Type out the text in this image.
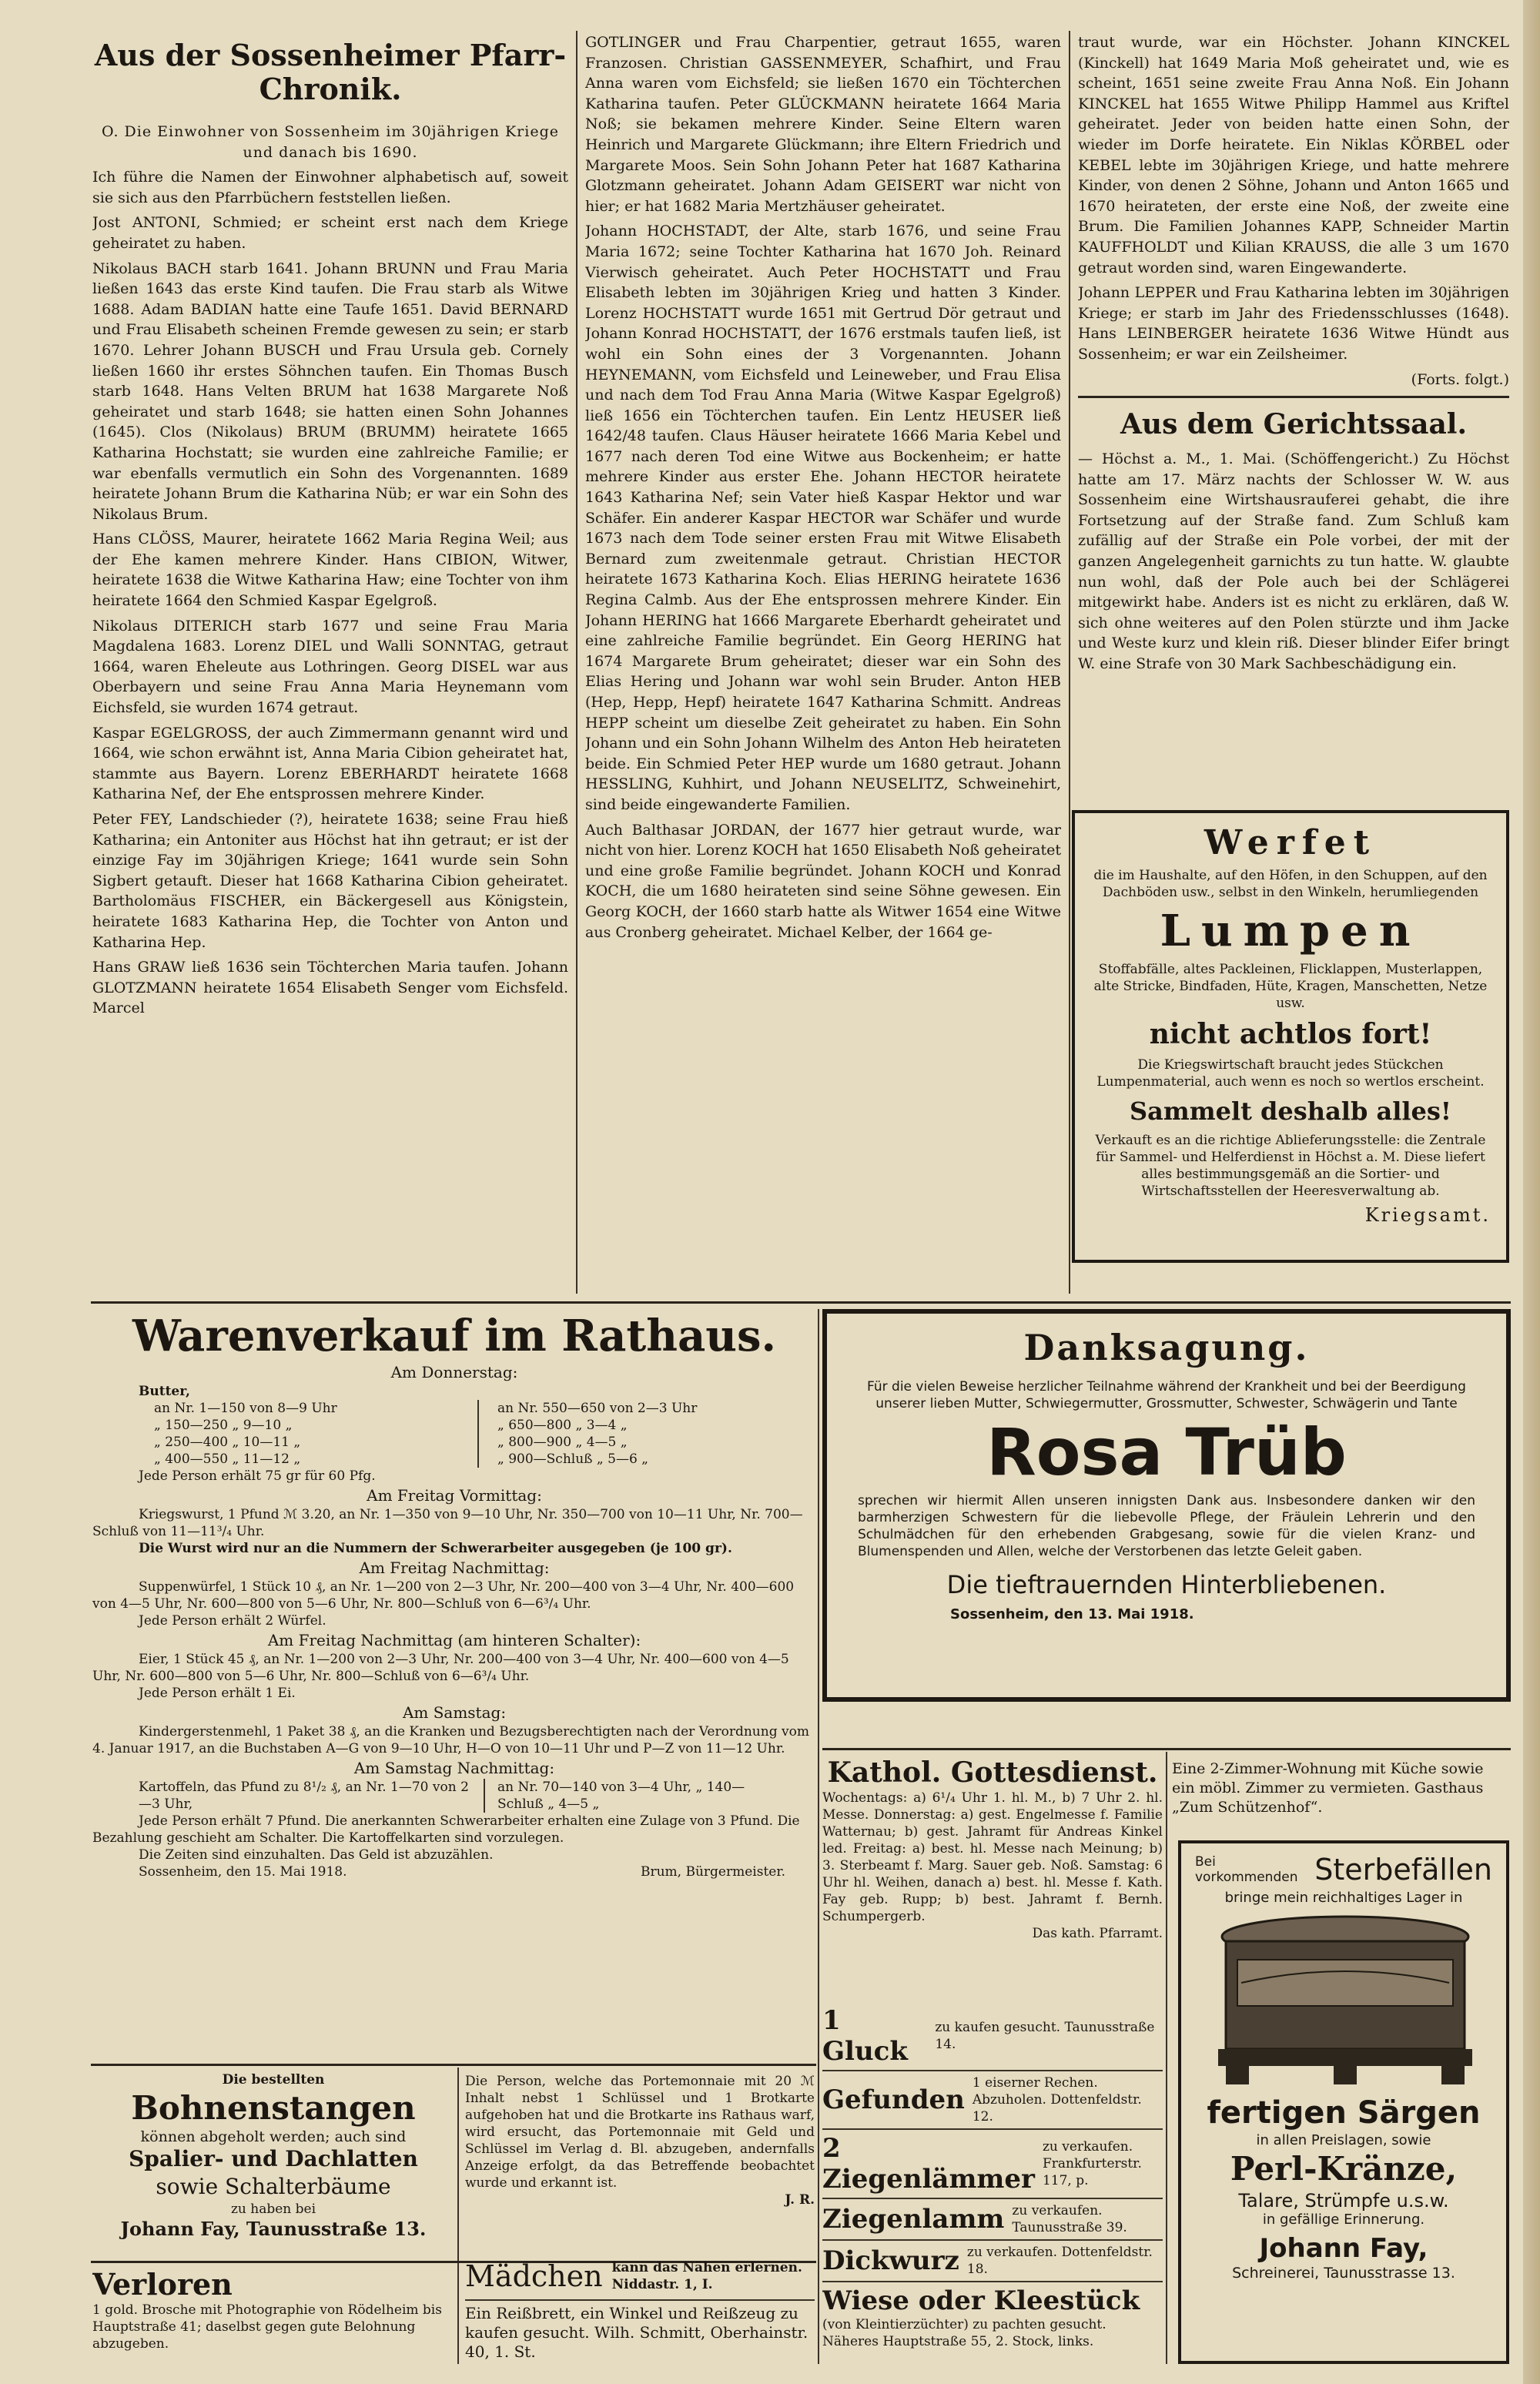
Aus der Sossenheimer Pfarr-Chronik.

O. Die Einwohner von Sossenheim im 30jährigen Kriege und danach bis 1690.

Ich führe die Namen der Einwohner alphabetisch auf, soweit sie sich aus den Pfarrbüchern feststellen ließen.

Jost ANTONI, Schmied; er scheint erst nach dem Kriege geheiratet zu haben.

Nikolaus BACH starb 1641. Johann BRUNN und Frau Maria ließen 1643 das erste Kind taufen. Die Frau starb als Witwe 1688. Adam BADIAN hatte eine Taufe 1651. David BERNARD und Frau Elisabeth scheinen Fremde gewesen zu sein; er starb 1670. Lehrer Johann BUSCH und Frau Ursula geb. Cornely ließen 1660 ihr erstes Söhnchen taufen. Ein Thomas Busch starb 1648. Hans Velten BRUM hat 1638 Margarete Noß geheiratet und starb 1648; sie hatten einen Sohn Johannes (1645). Clos (Nikolaus) BRUM (BRUMM) heiratete 1665 Katharina Hochstatt; sie wurden eine zahlreiche Familie; er war ebenfalls vermutlich ein Sohn des Vorgenannten. 1689 heiratete Johann Brum die Katharina Nüb; er war ein Sohn des Nikolaus Brum.

Hans CLÖSS, Maurer, heiratete 1662 Maria Regina Weil; aus der Ehe kamen mehrere Kinder. Hans CIBION, Witwer, heiratete 1638 die Witwe Katharina Haw; eine Tochter von ihm heiratete 1664 den Schmied Kaspar Egelgroß.

Nikolaus DITERICH starb 1677 und seine Frau Maria Magdalena 1683. Lorenz DIEL und Walli SONNTAG, getraut 1664, waren Eheleute aus Lothringen. Georg DISEL war aus Oberbayern und seine Frau Anna Maria Heynemann vom Eichsfeld, sie wurden 1674 getraut.

Kaspar EGELGROSS, der auch Zimmermann genannt wird und 1664, wie schon erwähnt ist, Anna Maria Cibion geheiratet hat, stammte aus Bayern. Lorenz EBERHARDT heiratete 1668 Katharina Nef, der Ehe entsprossen mehrere Kinder.

Peter FEY, Landschieder (?), heiratete 1638; seine Frau hieß Katharina; ein Antoniter aus Höchst hat ihn getraut; er ist der einzige Fay im 30jährigen Kriege; 1641 wurde sein Sohn Sigbert getauft. Dieser hat 1668 Katharina Cibion geheiratet. Bartholomäus FISCHER, ein Bäckergesell aus Königstein, heiratete 1683 Katharina Hep, die Tochter von Anton und Katharina Hep.

Hans GRAW ließ 1636 sein Töchterchen Maria taufen. Johann GLOTZMANN heiratete 1654 Elisabeth Senger vom Eichsfeld. Marcel

GOTLINGER und Frau Charpentier, getraut 1655, waren Franzosen. Christian GASSENMEYER, Schafhirt, und Frau Anna waren vom Eichsfeld; sie ließen 1670 ein Töchterchen Katharina taufen. Peter GLÜCKMANN heiratete 1664 Maria Noß; sie bekamen mehrere Kinder. Seine Eltern waren Heinrich und Margarete Glückmann; ihre Eltern Friedrich und Margarete Moos. Sein Sohn Johann Peter hat 1687 Katharina Glotzmann geheiratet. Johann Adam GEISERT war nicht von hier; er hat 1682 Maria Mertzhäuser geheiratet.

Johann HOCHSTADT, der Alte, starb 1676, und seine Frau Maria 1672; seine Tochter Katharina hat 1670 Joh. Reinard Vierwisch geheiratet. Auch Peter HOCHSTATT und Frau Elisabeth lebten im 30jährigen Krieg und hatten 3 Kinder. Lorenz HOCHSTATT wurde 1651 mit Gertrud Dör getraut und Johann Konrad HOCHSTATT, der 1676 erstmals taufen ließ, ist wohl ein Sohn eines der 3 Vorgenannten. Johann HEYNEMANN, vom Eichsfeld und Leineweber, und Frau Elisa und nach dem Tod Frau Anna Maria (Witwe Kaspar Egelgroß) ließ 1656 ein Töchterchen taufen. Ein Lentz HEUSER ließ 1642/48 taufen. Claus Häuser heiratete 1666 Maria Kebel und 1677 nach deren Tod eine Witwe aus Bockenheim; er hatte mehrere Kinder aus erster Ehe. Johann HECTOR heiratete 1643 Katharina Nef; sein Vater hieß Kaspar Hektor und war Schäfer. Ein anderer Kaspar HECTOR war Schäfer und wurde 1673 nach dem Tode seiner ersten Frau mit Witwe Elisabeth Bernard zum zweitenmale getraut. Christian HECTOR heiratete 1673 Katharina Koch. Elias HERING heiratete 1636 Regina Calmb. Aus der Ehe entsprossen mehrere Kinder. Ein Johann HERING hat 1666 Margarete Eberhardt geheiratet und eine zahlreiche Familie begründet. Ein Georg HERING hat 1674 Margarete Brum geheiratet; dieser war ein Sohn des Elias Hering und Johann war wohl sein Bruder. Anton HEB (Hep, Hepp, Hepf) heiratete 1647 Katharina Schmitt. Andreas HEPP scheint um dieselbe Zeit geheiratet zu haben. Ein Sohn Johann und ein Sohn Johann Wilhelm des Anton Heb heirateten beide. Ein Schmied Peter HEP wurde um 1680 getraut. Johann HESSLING, Kuhhirt, und Johann NEUSELITZ, Schweinehirt, sind beide eingewanderte Familien.

Auch Balthasar JORDAN, der 1677 hier getraut wurde, war nicht von hier. Lorenz KOCH hat 1650 Elisabeth Noß geheiratet und eine große Familie begründet. Johann KOCH und Konrad KOCH, die um 1680 heirateten sind seine Söhne gewesen. Ein Georg KOCH, der 1660 starb hatte als Witwer 1654 eine Witwe aus Cronberg geheiratet. Michael Kelber, der 1664 ge-

traut wurde, war ein Höchster. Johann KINCKEL (Kinckell) hat 1649 Maria Moß geheiratet und, wie es scheint, 1651 seine zweite Frau Anna Noß. Ein Johann KINCKEL hat 1655 Witwe Philipp Hammel aus Kriftel geheiratet. Jeder von beiden hatte einen Sohn, der wieder im Dorfe heiratete. Ein Niklas KÖRBEL oder KEBEL lebte im 30jährigen Kriege, und hatte mehrere Kinder, von denen 2 Söhne, Johann und Anton 1665 und 1670 heirateten, der erste eine Noß, der zweite eine Brum. Die Familien Johannes KAPP, Schneider Martin KAUFFHOLDT und Kilian KRAUSS, die alle 3 um 1670 getraut worden sind, waren Eingewanderte.

Johann LEPPER und Frau Katharina lebten im 30jährigen Kriege; er starb im Jahr des Friedensschlusses (1648). Hans LEINBERGER heiratete 1636 Witwe Hündt aus Sossenheim; er war ein Zeilsheimer.

(Forts. folgt.)

Aus dem Gerichtssaal.

— Höchst a. M., 1. Mai. (Schöffengericht.) Zu Höchst hatte am 17. März nachts der Schlosser W. W. aus Sossenheim eine Wirtshausrauferei gehabt, die ihre Fortsetzung auf der Straße fand. Zum Schluß kam zufällig auf der Straße ein Pole vorbei, der mit der ganzen Angelegenheit garnichts zu tun hatte. W. glaubte nun wohl, daß der Pole auch bei der Schlägerei mitgewirkt habe. Anders ist es nicht zu erklären, daß W. sich ohne weiteres auf den Polen stürzte und ihm Jacke und Weste kurz und klein riß. Dieser blinder Eifer bringt W. eine Strafe von 30 Mark Sachbeschädigung ein.

Werfet
die im Haushalte, auf den Höfen, in den Schuppen, auf den Dachböden usw., selbst in den Winkeln, herumliegenden
Lumpen
Stoffabfälle, altes Packleinen, Flicklappen, Musterlappen, alte Stricke, Bindfaden, Hüte, Kragen, Manschetten, Netze usw.
nicht achtlos fort!
Die Kriegswirtschaft braucht jedes Stückchen Lumpenmaterial, auch wenn es noch so wertlos erscheint.
Sammelt deshalb alles!
Verkauft es an die richtige Ablieferungsstelle: die Zentrale für Sammel- und Helferdienst in Höchst a. M. Diese liefert alles bestimmungsgemäß an die Sortier- und Wirtschaftsstellen der Heeresverwaltung ab.
Kriegsamt.
Warenverkauf im Rathaus.
Am Donnerstag:
Butter,
an Nr. 1—150 von 8—9 Uhr
„ 150—250 „ 9—10 „
„ 250—400 „ 10—11 „
„ 400—550 „ 11—12 „
an Nr. 550—650 von 2—3 Uhr
„ 650—800 „ 3—4 „
„ 800—900 „ 4—5 „
„ 900—Schluß „ 5—6 „
Jede Person erhält 75 gr für 60 Pfg.
Am Freitag Vormittag:
Kriegswurst, 1 Pfund ℳ 3.20, an Nr. 1—350 von 9—10 Uhr, Nr. 350—700 von 10—11 Uhr, Nr. 700—Schluß von 11—11³/₄ Uhr.
Die Wurst wird nur an die Nummern der Schwerarbeiter ausgegeben (je 100 gr).
Am Freitag Nachmittag:
Suppenwürfel, 1 Stück 10 ₰, an Nr. 1—200 von 2—3 Uhr, Nr. 200—400 von 3—4 Uhr, Nr. 400—600 von 4—5 Uhr, Nr. 600—800 von 5—6 Uhr, Nr. 800—Schluß von 6—6³/₄ Uhr.
Jede Person erhält 2 Würfel.
Am Freitag Nachmittag (am hinteren Schalter):
Eier, 1 Stück 45 ₰, an Nr. 1—200 von 2—3 Uhr, Nr. 200—400 von 3—4 Uhr, Nr. 400—600 von 4—5 Uhr, Nr. 600—800 von 5—6 Uhr, Nr. 800—Schluß von 6—6³/₄ Uhr.
Jede Person erhält 1 Ei.
Am Samstag:
Kindergerstenmehl, 1 Paket 38 ₰, an die Kranken und Bezugsberechtigten nach der Verordnung vom 4. Januar 1917, an die Buchstaben A—G von 9—10 Uhr, H—O von 10—11 Uhr und P—Z von 11—12 Uhr.
Am Samstag Nachmittag:
Kartoffeln, das Pfund zu 8¹/₂ ₰, an Nr. 1—70 von 2—3 Uhr,
an Nr. 70—140 von 3—4 Uhr, „ 140—Schluß „ 4—5 „
Jede Person erhält 7 Pfund. Die anerkannten Schwerarbeiter erhalten eine Zulage von 3 Pfund. Die Bezahlung geschieht am Schalter. Die Kartoffelkarten sind vorzulegen.
Die Zeiten sind einzuhalten. Das Geld ist abzuzählen.
Sossenheim, den 15. Mai 1918.	Brum, Bürgermeister.
Danksagung.
Für die vielen Beweise herzlicher Teilnahme während der Krankheit und bei der Beerdigung unserer lieben Mutter, Schwiegermutter, Grossmutter, Schwester, Schwägerin und Tante
Rosa Trüb
sprechen wir hiermit Allen unseren innigsten Dank aus. Insbesondere danken wir den barmherzigen Schwestern für die liebevolle Pflege, der Fräulein Lehrerin und den Schulmädchen für den erhebenden Grabgesang, sowie für die vielen Kranz- und Blumenspenden und Allen, welche der Verstorbenen das letzte Geleit gaben.
Die tieftrauernden Hinterbliebenen.
Sossenheim, den 13. Mai 1918.
Kathol. Gottesdienst.
Wochentags: a) 6¹/₄ Uhr 1. hl. M., b) 7 Uhr 2. hl. Messe. Donnerstag: a) gest. Engelmesse f. Familie Watternau; b) gest. Jahramt für Andreas Kinkel led. Freitag: a) best. hl. Messe nach Meinung; b) 3. Sterbeamt f. Marg. Sauer geb. Noß. Samstag: 6 Uhr hl. Weihen, danach a) best. hl. Messe f. Kath. Fay geb. Rupp; b) best. Jahramt f. Bernh. Schumpergerb.
Das kath. Pfarramt.
Eine 2-Zimmer-Wohnung mit Küche sowie ein möbl. Zimmer zu vermieten. Gasthaus „Zum Schützenhof“.
Bei vorkommenden Sterbefällen
bringe mein reichhaltiges Lager in
fertigen Särgen
in allen Preislagen, sowie
Perl-Kränze,
Talare, Strümpfe u.s.w.
in gefällige Erinnerung.
Johann Fay,
Schreinerei, Taunusstrasse 13.
1 Gluck
zu kaufen gesucht. Taunusstraße 14.
Gefunden
1 eiserner Rechen. Abzuholen. Dottenfeldstr. 12.
2 Ziegenlämmer
zu verkaufen. Frankfurterstr. 117, p.
Ziegenlamm zu verkaufen. Taunusstraße 39.
Dickwurz zu verkaufen. Dottenfeldstr. 18.
Wiese oder Kleestück
(von Kleintierzüchter) zu pachten gesucht. Näheres Hauptstraße 55, 2. Stock, links.
Die bestellten
Bohnenstangen
können abgeholt werden; auch sind
Spalier- und Dachlatten
sowie Schalterbäume
zu haben bei
Johann Fay, Taunusstraße 13.
Die Person, welche das Portemonnaie mit 20 ℳ Inhalt nebst 1 Schlüssel und 1 Brotkarte aufgehoben hat und die Brotkarte ins Rathaus warf, wird ersucht, das Portemonnaie mit Geld und Schlüssel im Verlag d. Bl. abzugeben, andernfalls Anzeige erfolgt, da das Betreffende beobachtet wurde und erkannt ist.
J. R.
Verloren
1 gold. Brosche mit Photographie von Rödelheim bis Hauptstraße 41; daselbst gegen gute Belohnung abzugeben.
Mädchen kann das Nähen erlernen. Niddastr. 1, I.
Ein Reißbrett, ein Winkel und Reißzeug zu kaufen gesucht. Wilh. Schmitt, Oberhainstr. 40, 1. St.
